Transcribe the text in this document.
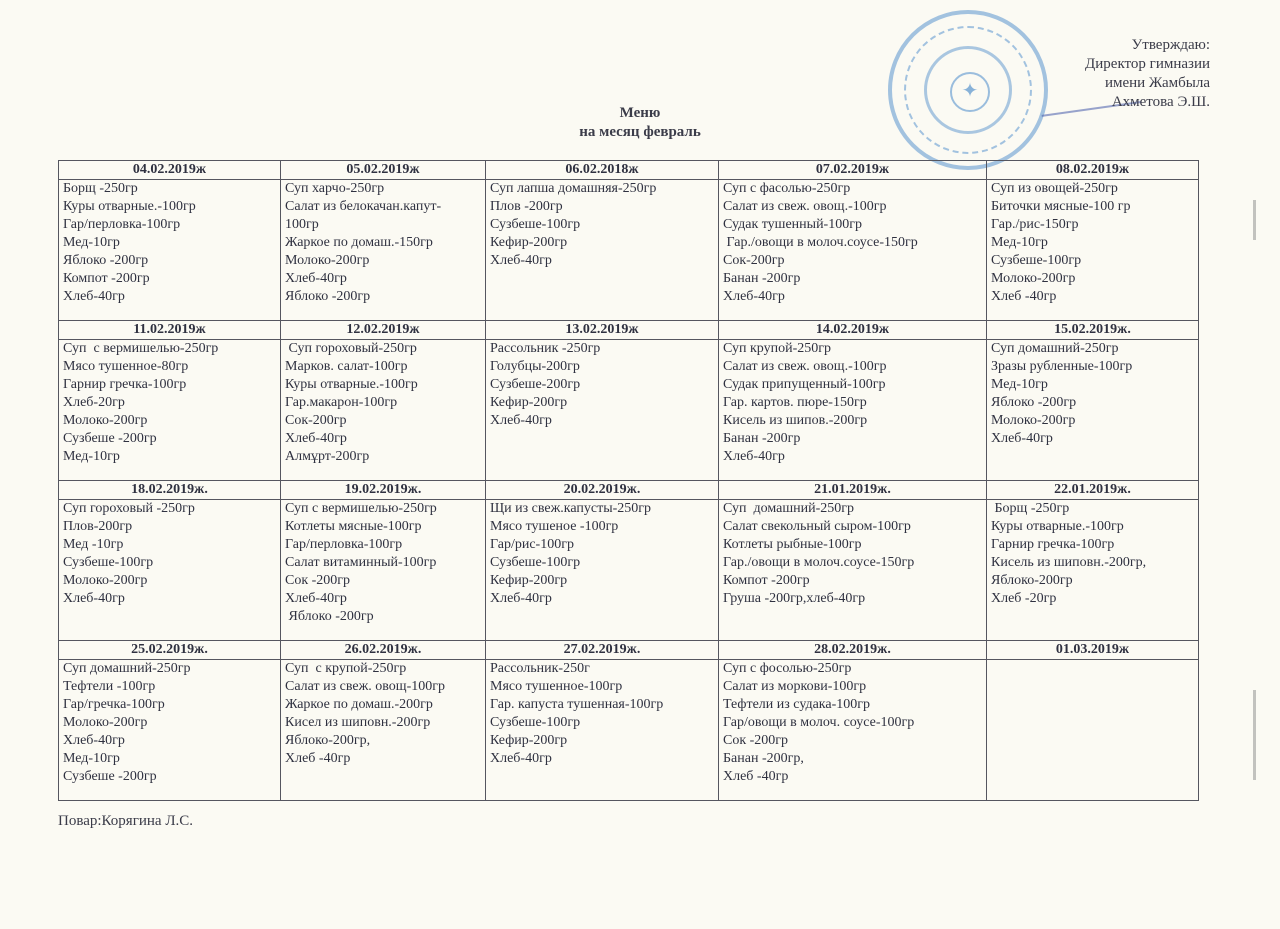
✦
Утверждаю:
Директор гимназии
имени Жамбыла
Ахметова Э.Ш.
Меню
на месяц февраль
04.02.2019ж	05.02.2019ж	06.02.2018ж	07.02.2019ж	08.02.2019ж

Борщ -250гр
Куры отварные.-100гр
Гар/перловка-100гр
Мед-10гр
Яблоко -200гр
Компот -200гр
Хлеб-40гр

Суп харчо-250гр
Салат из белокачан.капут-
100гр
Жаркое по домаш.-150гр
Молоко-200гр
Хлеб-40гр
Яблоко -200гр

Суп лапша домашняя-250гр
Плов -200гр
Сузбеше-100гр
Кефир-200гр
Хлеб-40гр

Суп с фасолью-250гр
Салат из свеж. овощ.-100гр
Судак тушенный-100гр
Гар./овощи в молоч.соусе-150гр
Сок-200гр
Банан -200гр
Хлеб-40гр

Суп из овощей-250гр
Биточки мясные-100 гр
Гар./рис-150гр
Мед-10гр
Сузбеше-100гр
Молоко-200гр
Хлеб -40гр

11.02.2019ж	12.02.2019ж	13.02.2019ж	14.02.2019ж	15.02.2019ж.

Суп  с вермишелью-250гр
Мясо тушенное-80гр
Гарнир гречка-100гр
Хлеб-20гр
Молоко-200гр
Сузбеше -200гр
Мед-10гр

Суп гороховый-250гр
Марков. салат-100гр
Куры отварные.-100гр
Гар.макарон-100гр
Сок-200гр
Хлеб-40гр
Алмұрт-200гр

Рассольник -250гр
Голубцы-200гр
Сузбеше-200гр
Кефир-200гр
Хлеб-40гр

Суп крупой-250гр
Салат из свеж. овощ.-100гр
Судак припущенный-100гр
Гар. картов. пюре-150гр
Кисель из шипов.-200гр
Банан -200гр
Хлеб-40гр

Суп домашний-250гр
Зразы рубленные-100гр
Мед-10гр
Яблоко -200гр
Молоко-200гр
Хлеб-40гр

18.02.2019ж.	19.02.2019ж.	20.02.2019ж.	21.01.2019ж.	22.01.2019ж.

Суп гороховый -250гр
Плов-200гр
Мед -10гр
Сузбеше-100гр
Молоко-200гр
Хлеб-40гр

Суп с вермишелью-250гр
Котлеты мясные-100гр
Гар/перловка-100гр
Салат витаминный-100гр
Сок -200гр
Хлеб-40гр
Яблоко -200гр

Щи из свеж.капусты-250гр
Мясо тушеное -100гр
Гар/рис-100гр
Сузбеше-100гр
Кефир-200гр
Хлеб-40гр

Суп  домашний-250гр
Салат свекольный сыром-100гр
Котлеты рыбные-100гр
Гар./овощи в молоч.соусе-150гр
Компот -200гр
Груша -200гр,хлеб-40гр

Борщ -250гр
Куры отварные.-100гр
Гарнир гречка-100гр
Кисель из шиповн.-200гр,
Яблоко-200гр
Хлеб -20гр

25.02.2019ж.	26.02.2019ж.	27.02.2019ж.	28.02.2019ж.	01.03.2019ж

Суп домашний-250гр
Тефтели -100гр
Гар/гречка-100гр
Молоко-200гр
Хлеб-40гр
Мед-10гр
Сузбеше -200гр

Суп  с крупой-250гр
Салат из свеж. овощ-100гр
Жаркое по домаш.-200гр
Кисел из шиповн.-200гр
Яблоко-200гр,
Хлеб -40гр

Рассольник-250г
Мясо тушенное-100гр
Гар. капуста тушенная-100гр
Сузбеше-100гр
Кефир-200гр
Хлеб-40гр

Суп с фосолью-250гр
Салат из моркови-100гр
Тефтели из судака-100гр
Гар/овощи в молоч. соусе-100гр
Сок -200гр
Банан -200гр,
Хлеб -40гр

Повар:Корягина Л.С.
